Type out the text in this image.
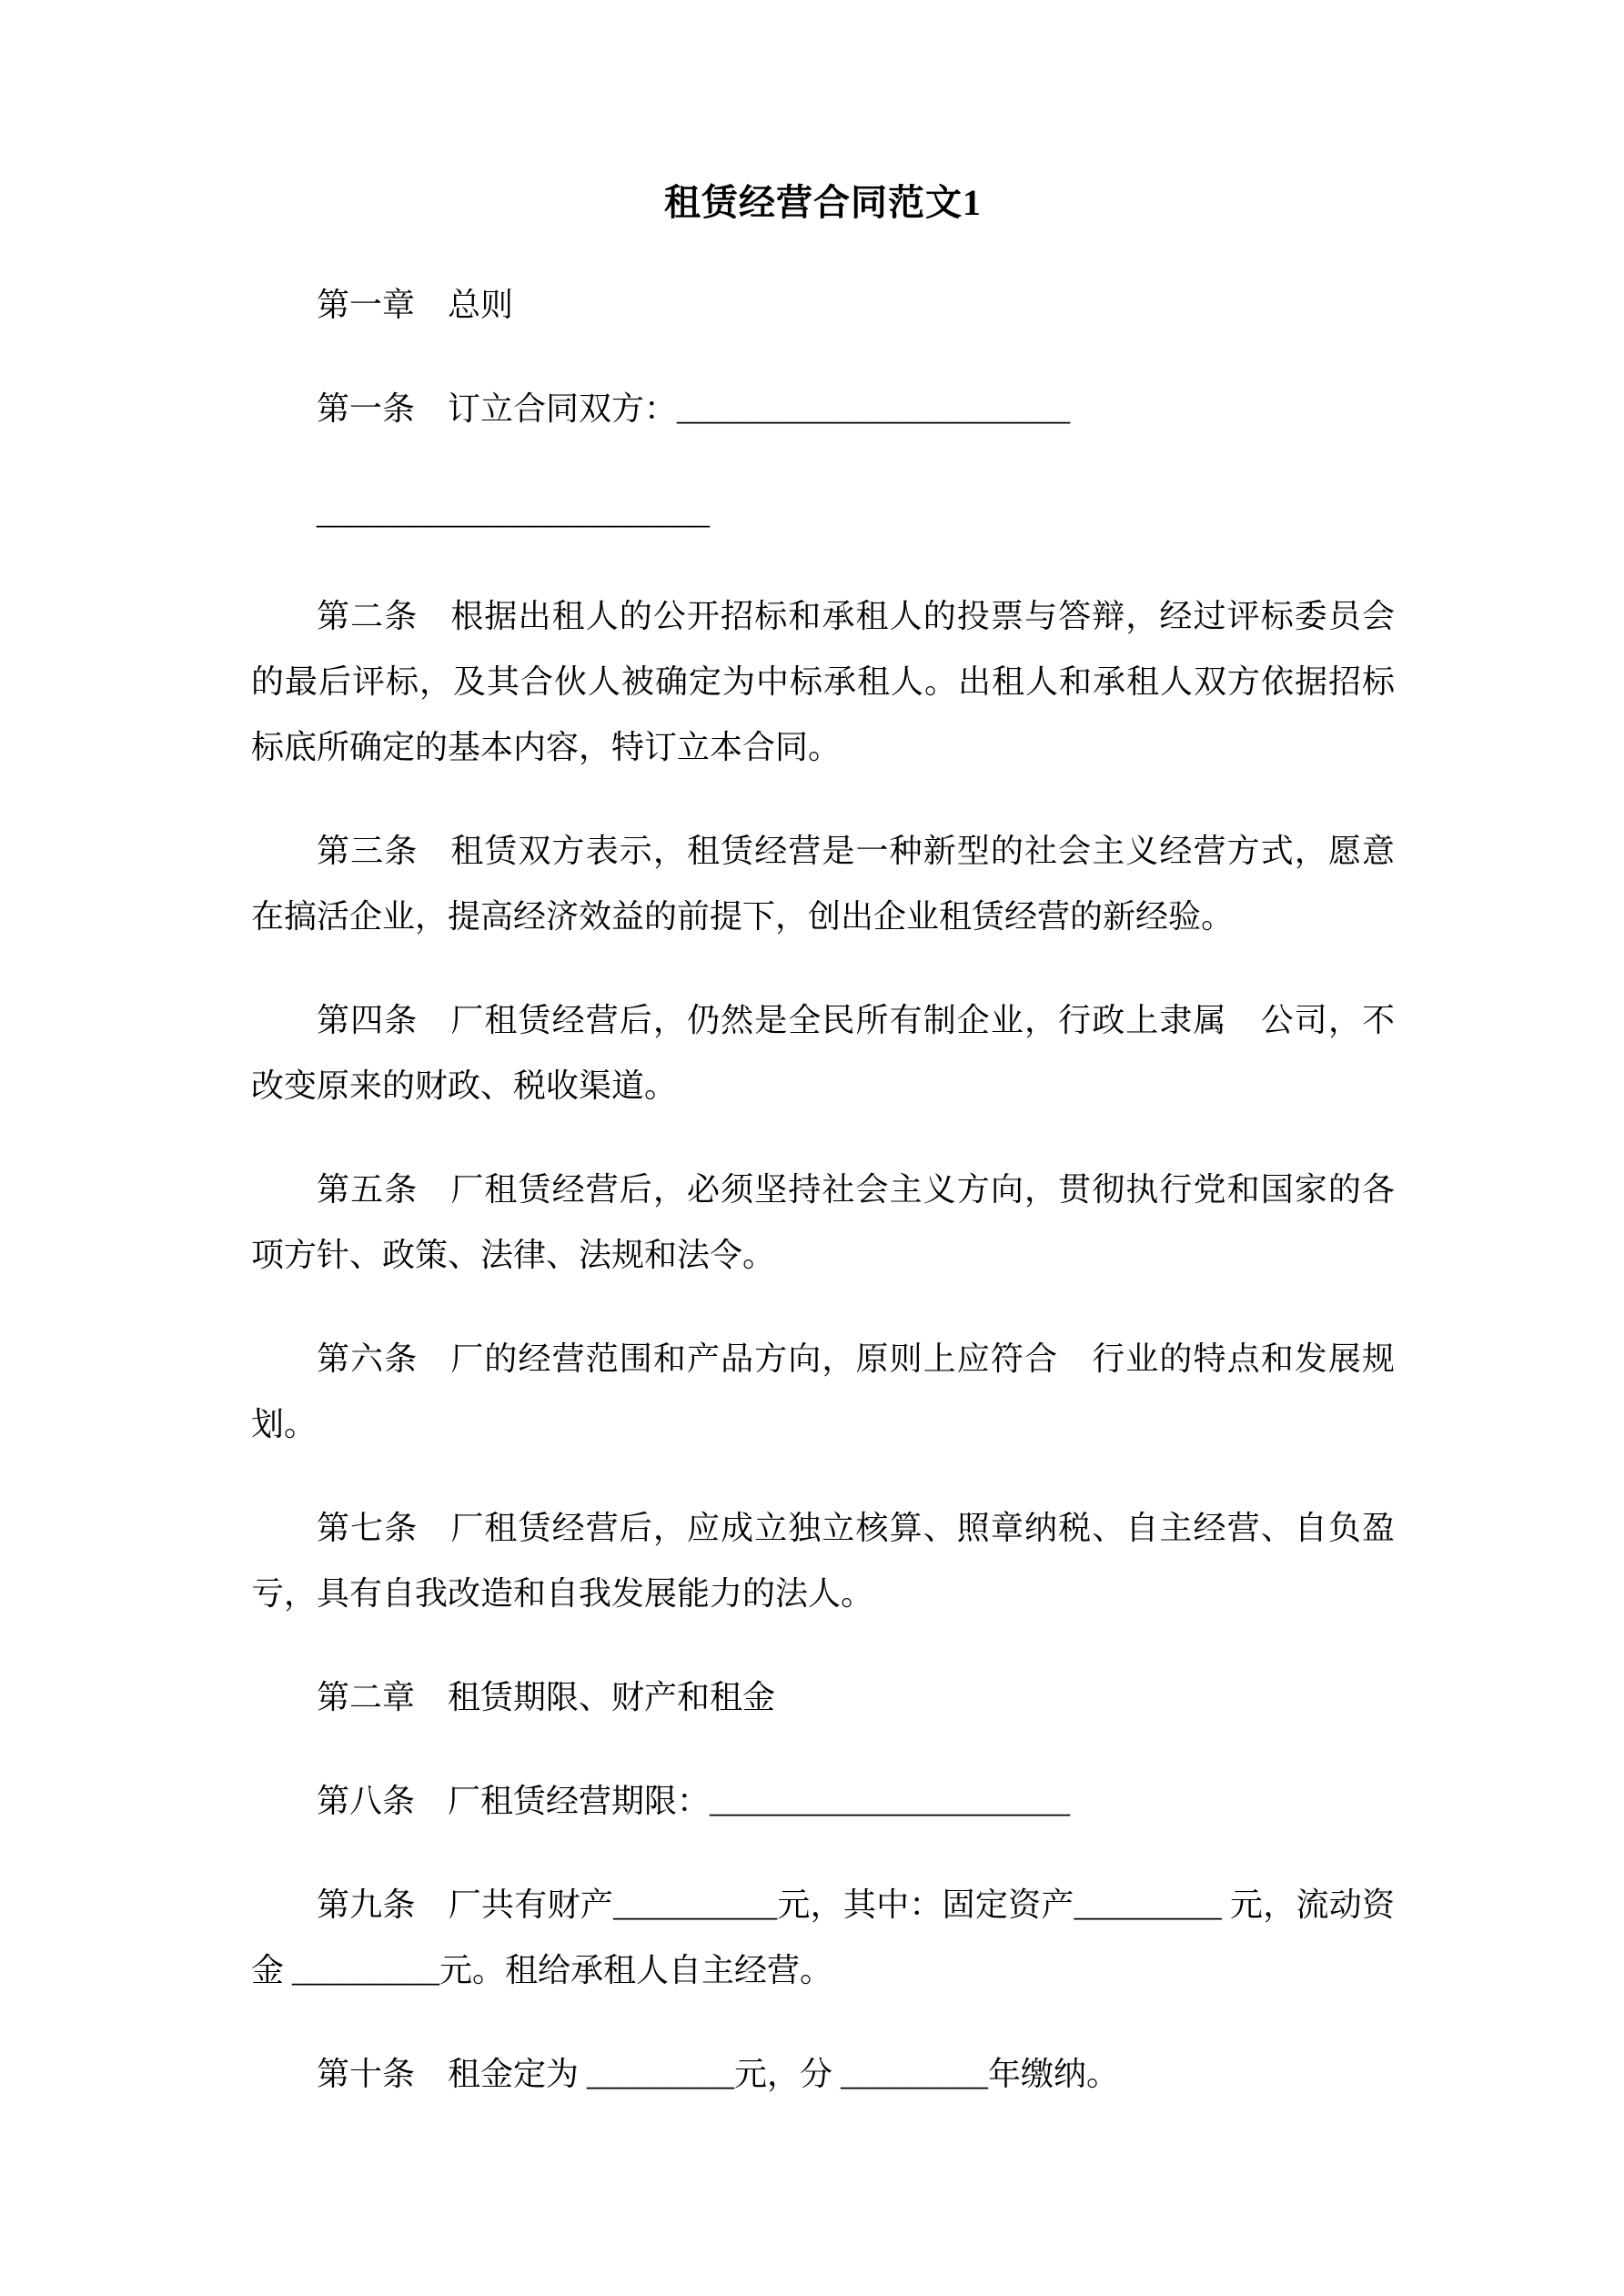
租赁经营合同范文1

第一章 总则

第一条 订立合同双方：________________________

________________________

第二条 根据出租人的公开招标和承租人的投票与答辩，经过评标委员会的最后评标，及其合伙人被确定为中标承租人。出租人和承租人双方依据招标标底所确定的基本内容，特订立本合同。

第三条 租赁双方表示，租赁经营是一种新型的社会主义经营方式，愿意在搞活企业，提高经济效益的前提下，创出企业租赁经营的新经验。

第四条 厂租赁经营后，仍然是全民所有制企业，行政上隶属　公司，不改变原来的财政、税收渠道。

第五条 厂租赁经营后，必须坚持社会主义方向，贯彻执行党和国家的各项方针、政策、法律、法规和法令。

第六条 厂的经营范围和产品方向，原则上应符合　行业的特点和发展规划。

第七条 厂租赁经营后，应成立独立核算、照章纳税、自主经营、自负盈亏，具有自我改造和自我发展能力的法人。

第二章 租赁期限、财产和租金

第八条 厂租赁经营期限：______________________

第九条 厂共有财产__________元，其中：固定资产_________ 元，流动资金 _________元。租给承租人自主经营。

第十条 租金定为 _________元，分 _________年缴纳。
